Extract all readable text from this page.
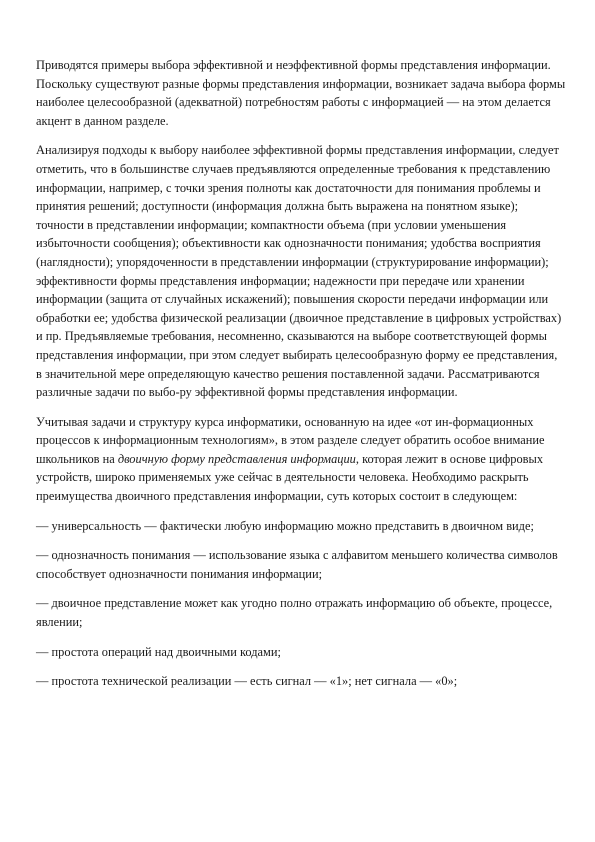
Приводятся примеры выбора эффективной и неэффективной формы представления информации. Поскольку существуют разные формы представления информации, возникает задача выбора формы наиболее целесообразной (адекватной) потребностям работы с информацией — на этом делается акцент в данном разделе.

Анализируя подходы к выбору наиболее эффективной формы представления информации, следует отметить, что в большинстве случаев предъявляются определенные требования к представлению информации, например, с точки зрения полноты как достаточности для понимания проблемы и принятия решений; доступности (информация должна быть выражена на понятном языке); точности в представлении информации; компактности объема (при условии уменьшения избыточности сообщения); объективности как однозначности понимания; удобства восприятия (наглядности); упорядоченности в представлении информации (структурирование информации); эффективности формы представления информации; надежности при передаче или хранении информации (защита от случайных искажений); повышения скорости передачи информации или обработки ее; удобства физической реализации (двоичное представление в цифровых устройствах) и пр. Предъявляемые требования, несомненно, сказываются на выборе соответствующей формы представления информации, при этом следует выбирать целесообразную форму ее представления, в значительной мере определяющую качество решения поставленной задачи. Рассматриваются различные задачи по выбо-ру эффективной формы представления информации.

Учитывая задачи и структуру курса информатики, основанную на идее «от ин-формационных процессов к информационным технологиям», в этом разделе следует обратить особое внимание школьников на двоичную форму представления информации, которая лежит в основе цифровых устройств, широко применяемых уже сейчас в деятельности человека. Необходимо раскрыть преимущества двоичного представления информации, суть которых состоит в следующем:

— универсальность — фактически любую информацию можно представить в двоичном виде;

— однозначность понимания — использование языка с алфавитом меньшего количества символов способствует однозначности понимания информации;

— двоичное представление может как угодно полно отражать информацию об объекте, процессе, явлении;

— простота операций над двоичными кодами;

— простота технической реализации — есть сигнал — «1»; нет сигнала — «0»;
